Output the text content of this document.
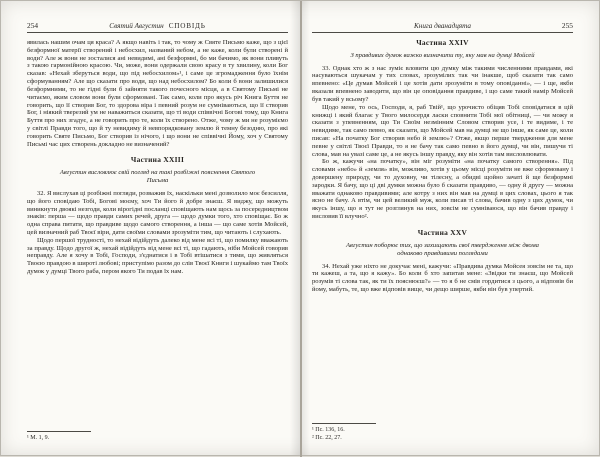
254	Святий Августин СПОВІДЬ

явилась нашим очам ця краса? А якщо навіть і так, то чому ж Святе Письмо каже, що з цієї безформної матерії створений і небосхил, названий небом, а не каже, коли були створені й води? Але ж вони не зосталися ані невидимі, ані безформні, бо ми бачимо, як вони пливуть з такою гармонійною красою. Чи, може, вони одержали свою красу в ту хвилину, коли Бог сказав: «Нехай зберуться води, що під небосхилом»¹, і саме це згромадження було їхнім сформуванням? Але що сказати про води, що над небосхилом? Бо коли б вони залишилися безформними, то не гідні були б зайняти такого почесного місця, а в Святому Письмі не читаємо, яким словом вони були сформовані. Так само, коли про якусь річ Книга Буття не говорить, що її створив Бог, то здорова віра і певний розум не сумніваються, що її створив Бог, і ніякий тверезий ум не наважиться сказати, що ті води співвічні Богові тому, що Книга Буття про них згадує, а не говорить про те, коли їх створено. Отже, чому ж ми не розуміємо у світлі Правди того, що й ту невидиму й невпорядковану землю й темну безодню, про які говорить Святе Письмо, Бог створив із нічого, і що вони не співвічні Йому, хоч у Святому Письмі час цих створень докладно не визначений?

Частина XXIII

Августин висловлює свій погляд на такі розбіжні пояснення Святого Письма

32. Я вислухав ці розбіжні погляди, розважив їх, наскільки мені дозволило моє безсилля, що його сповідаю Тобі, Богові моєму, хоч Ти його й добре знаєш. Я виджу, що можуть виникнути двоякі незгоди, коли вірогідні посланці сповіщають нам щось за посередництвом знаків: перша — щодо правди самих речей, друга — щодо думки того, хто сповіщає. Бо ж одна справа питати, що правдиве щодо самого створення, а інша — що саме хотів Мойсей, цей визначний раб Твоєї віри, дати своїми словами зрозуміти тим, що читають і слухають.

Щодо першої трудності, то нехай відійдуть далеко від мене всі ті, що помилку вважають за правду. Щодо другої ж, нехай відійдуть від мене всі ті, що гадають, ніби Мойсей говорив неправду. Але я хочу в Тобі, Господи, з'єднатися і в Тобі втішатися з тими, що живляться Твоєю правдою в широті любові; приступімо разом до слів Твоєї Книги і шукаймо там Твоїх думок у думці Твого раба, пером якого Ти подав їх нам.

¹ М. 1, 9.

Книга дванадцята	255
Частина XXIV

З правдивих думок важко визначити ту, яку мав на думці Мойсей

33. Однак хто ж з нас зуміє вловити цю думку між такими численними правдами, які насуваються шукачам у тих словах, зрозумілих так чи інакше, щоб сказати так само впевнено: «Це думав Мойсей і це хотів дати зрозуміти в тому оповіданні», — і ще, якби вказали впевнено заводити, що він це оповідання правдиве, і що саме такий намір Мойсей був такий у всьому?

Щодо мене, то ось, Господи, я, раб Твій¹, що урочисто обіцяв Тобі сповідатися в цій книжці і який благає у Твого милосердя ласки сповнити Тобі мої обітниці, — чи можу я сказати з упевненням, що Ти Своїм незмінним Словом створив усе, і те видиме, і те невидиме, так само певно, як сказати, що Мойсей мав на думці не що інше, як саме це, коли писав: «На початку Бог створив небо й землю»? Отже, якщо перше твердження для мене певне у світлі Твоєї Правди, то я не бачу так само певно в його думці, чи він, пишучи ті слова, мав на увазі саме це, а не якусь іншу правду, яку він хотів там висловлювати.

Бо ж, кажучи «на початку», він міг розуміти «на початку самого створення». Під словами «небо» й «земля» він, можливо, хотів у цьому місці розуміти не вже сформовану і довершену природу, чи то духовну, чи тілесну, а обидві щойно зачаті й ще безформні зародки. Я бачу, що ці дві думки можна було б сказати правдиво, — одну й другу — можна вважати однаково правдивими; але котру з них він мав на думці в цих словах, цього я так ясно не бачу. А втім, чи цей великий муж, коли писав ті слова, бачив одну з цих думок, чи якусь іншу, що я тут не розглянув на них, зовсім не сумніваюся, що він бачив правду і висловив її влучно².

Частина XXV

Августин поборює тих, що захищають свої твердження між двома однаково правдивими поглядами

34. Нехай уже ніхто не докучає мені, кажучи: «Правдива думка Мойсея зовсім не та, що ти кажеш, а та, що я кажу». Бо коли б хто запитав мене: «Звідки ти знаєш, що Мойсей розумів ті слова так, як ти їх пояснюєш?» — то я б не смів гордитися з цього, а відповів би йому, мабуть, те, що вже відповів вище, чи дещо ширше, якби він був упертий.

¹ Пс. 136, 16.

² Пс. 22, 27.
